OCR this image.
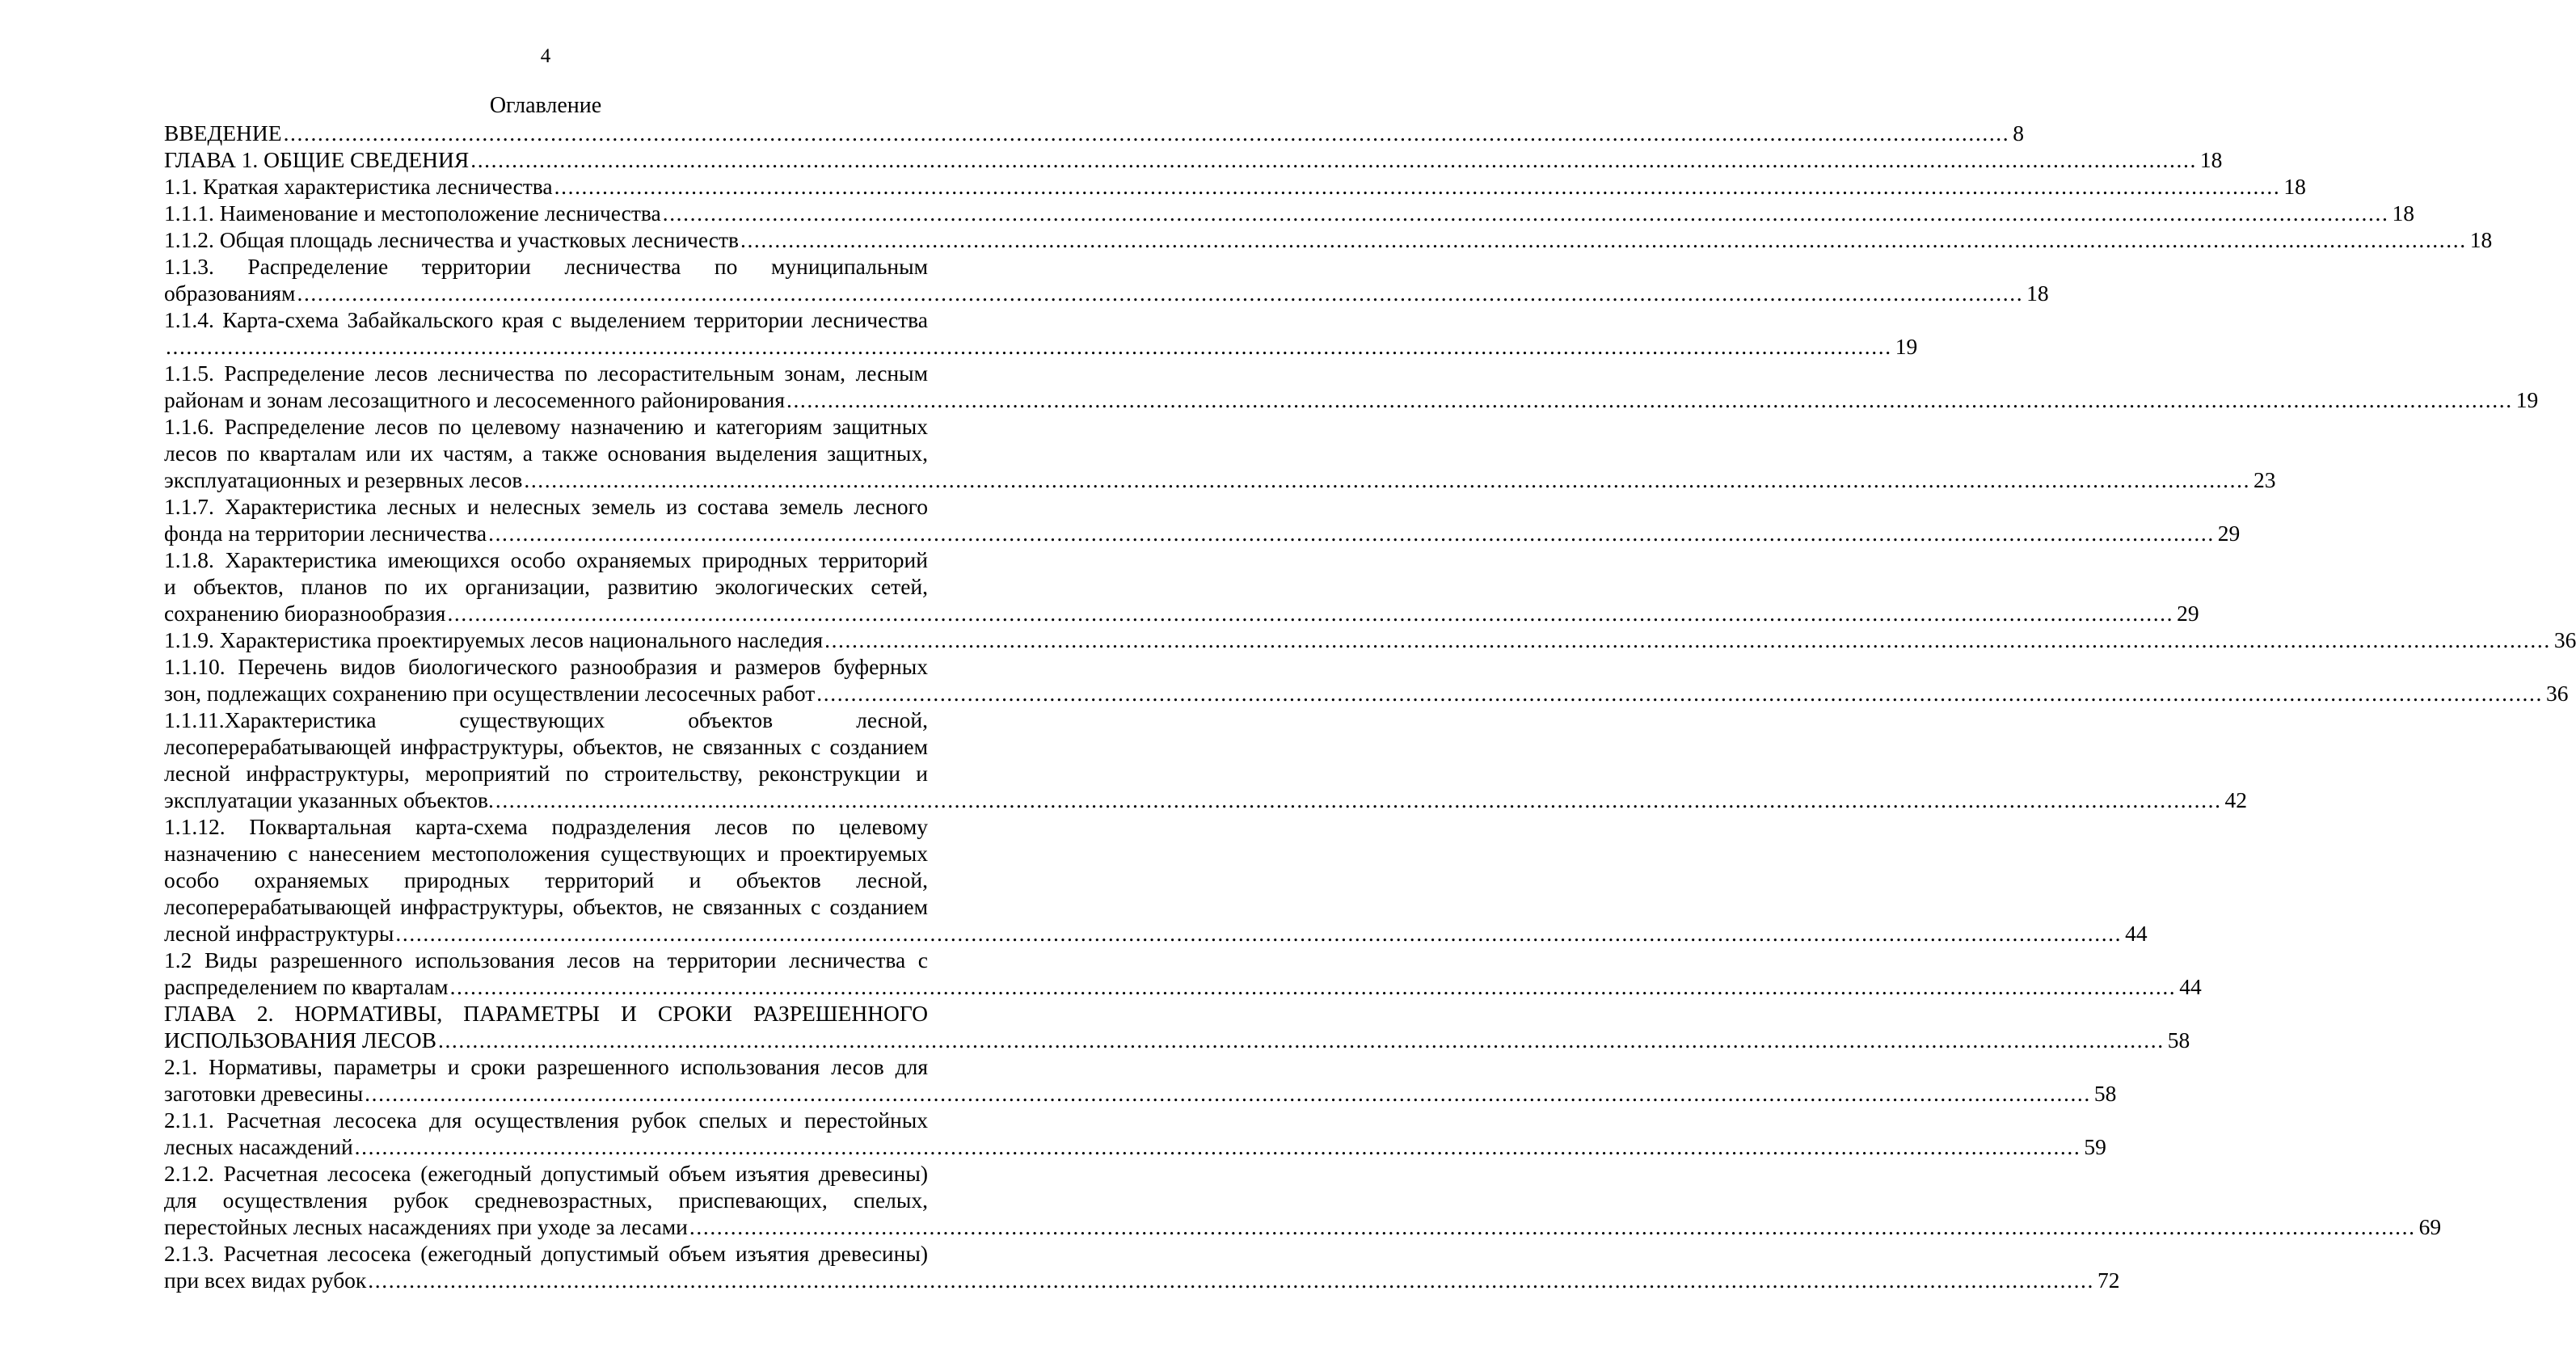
4
Оглавление
ВВЕДЕНИЕ ............................................................................................................................................................................................................................................................ 8
ГЛАВА 1. ОБЩИЕ СВЕДЕНИЯ ............................................................................................................................................................................................................................................................ 18
1.1. Краткая характеристика лесничества ............................................................................................................................................................................................................................................................ 18
1.1.1. Наименование и местоположение лесничества ............................................................................................................................................................................................................................................................ 18
1.1.2. Общая площадь лесничества и участковых лесничеств ............................................................................................................................................................................................................................................................ 18
1.1.3. Распределение территории лесничества по муниципальным
образованиям ............................................................................................................................................................................................................................................................ 18
1.1.4. Карта-схема Забайкальского края с выделением территории лесничества
............................................................................................................................................................................................................................................................ 19
1.1.5. Распределение лесов лесничества по лесорастительным зонам, лесным
районам и зонам лесозащитного и лесосеменного районирования ............................................................................................................................................................................................................................................................ 19
1.1.6. Распределение лесов по целевому назначению и категориям защитных
лесов по кварталам или их частям, а также основания выделения защитных,
эксплуатационных и резервных лесов ............................................................................................................................................................................................................................................................ 23
1.1.7. Характеристика лесных и нелесных земель из состава земель лесного
фонда на территории лесничества ............................................................................................................................................................................................................................................................ 29
1.1.8. Характеристика имеющихся особо охраняемых природных территорий
и объектов, планов по их организации, развитию экологических сетей,
сохранению биоразнообразия ............................................................................................................................................................................................................................................................ 29
1.1.9. Характеристика проектируемых лесов национального наследия ............................................................................................................................................................................................................................................................ 36
1.1.10. Перечень видов биологического разнообразия и размеров буферных
зон, подлежащих сохранению при осуществлении лесосечных работ ............................................................................................................................................................................................................................................................ 36
1.1.11.Характеристика существующих объектов лесной,
лесоперерабатывающей инфраструктуры, объектов, не связанных с созданием
лесной инфраструктуры, мероприятий по строительству, реконструкции и
эксплуатации указанных объектов. ............................................................................................................................................................................................................................................................ 42
1.1.12. Поквартальная карта-схема подразделения лесов по целевому
назначению с нанесением местоположения существующих и проектируемых
особо охраняемых природных территорий и объектов лесной,
лесоперерабатывающей инфраструктуры, объектов, не связанных с созданием
лесной инфраструктуры ............................................................................................................................................................................................................................................................ 44
1.2 Виды разрешенного использования лесов на территории лесничества с
распределением по кварталам ............................................................................................................................................................................................................................................................ 44
ГЛАВА 2. НОРМАТИВЫ, ПАРАМЕТРЫ И СРОКИ РАЗРЕШЕННОГО
ИСПОЛЬЗОВАНИЯ ЛЕСОВ ............................................................................................................................................................................................................................................................ 58
2.1. Нормативы, параметры и сроки разрешенного использования лесов для
заготовки древесины ............................................................................................................................................................................................................................................................ 58
2.1.1. Расчетная лесосека для осуществления рубок спелых и перестойных
лесных насаждений ............................................................................................................................................................................................................................................................ 59
2.1.2. Расчетная лесосека (ежегодный допустимый объем изъятия древесины)
для осуществления рубок средневозрастных, приспевающих, спелых,
перестойных лесных насаждениях при уходе за лесами ............................................................................................................................................................................................................................................................ 69
2.1.3. Расчетная лесосека (ежегодный допустимый объем изъятия древесины)
при всех видах рубок ............................................................................................................................................................................................................................................................ 72
